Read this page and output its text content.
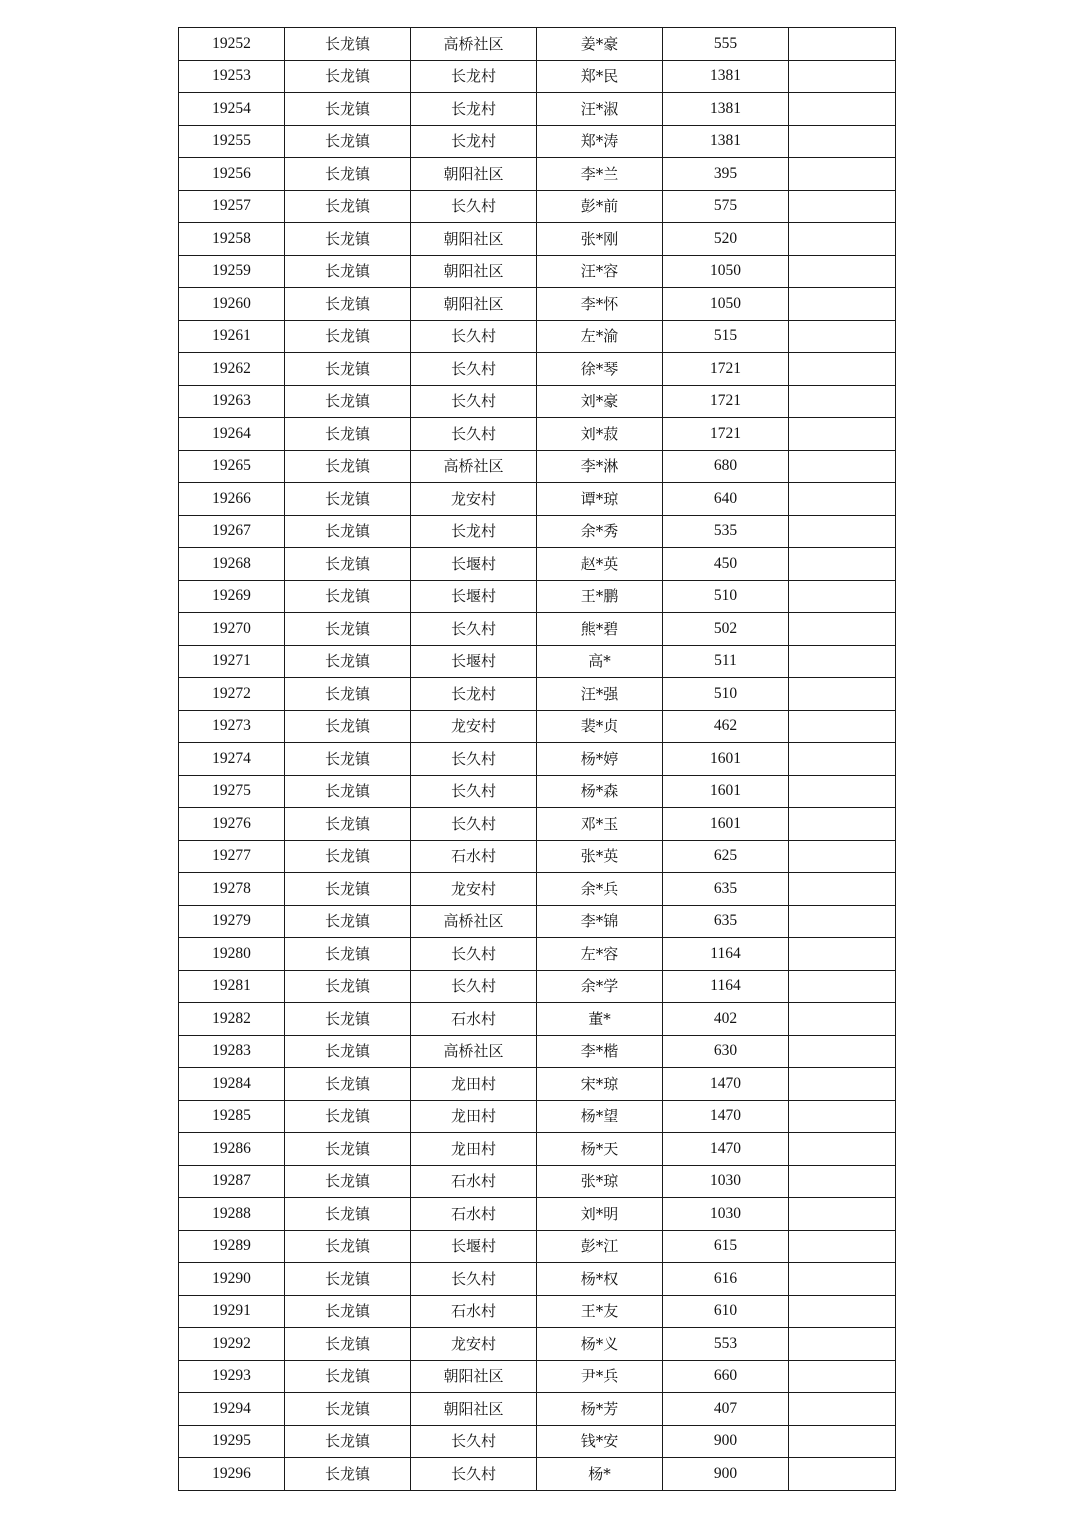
19252	长龙镇	高桥社区	姜*豪	555	
19253	长龙镇	长龙村	郑*民	1381	
19254	长龙镇	长龙村	汪*淑	1381	
19255	长龙镇	长龙村	郑*涛	1381	
19256	长龙镇	朝阳社区	李*兰	395	
19257	长龙镇	长久村	彭*前	575	
19258	长龙镇	朝阳社区	张*刚	520	
19259	长龙镇	朝阳社区	汪*容	1050	
19260	长龙镇	朝阳社区	李*怀	1050	
19261	长龙镇	长久村	左*渝	515	
19262	长龙镇	长久村	徐*琴	1721	
19263	长龙镇	长久村	刘*豪	1721	
19264	长龙镇	长久村	刘*菽	1721	
19265	长龙镇	高桥社区	李*淋	680	
19266	长龙镇	龙安村	谭*琼	640	
19267	长龙镇	长龙村	余*秀	535	
19268	长龙镇	长堰村	赵*英	450	
19269	长龙镇	长堰村	王*鹏	510	
19270	长龙镇	长久村	熊*碧	502	
19271	长龙镇	长堰村	高*	511	
19272	长龙镇	长龙村	汪*强	510	
19273	长龙镇	龙安村	裴*贞	462	
19274	长龙镇	长久村	杨*婷	1601	
19275	长龙镇	长久村	杨*森	1601	
19276	长龙镇	长久村	邓*玉	1601	
19277	长龙镇	石水村	张*英	625	
19278	长龙镇	龙安村	余*兵	635	
19279	长龙镇	高桥社区	李*锦	635	
19280	长龙镇	长久村	左*容	1164	
19281	长龙镇	长久村	余*学	1164	
19282	长龙镇	石水村	董*	402	
19283	长龙镇	高桥社区	李*楷	630	
19284	长龙镇	龙田村	宋*琼	1470	
19285	长龙镇	龙田村	杨*望	1470	
19286	长龙镇	龙田村	杨*天	1470	
19287	长龙镇	石水村	张*琼	1030	
19288	长龙镇	石水村	刘*明	1030	
19289	长龙镇	长堰村	彭*江	615	
19290	长龙镇	长久村	杨*权	616	
19291	长龙镇	石水村	王*友	610	
19292	长龙镇	龙安村	杨*义	553	
19293	长龙镇	朝阳社区	尹*兵	660	
19294	长龙镇	朝阳社区	杨*芳	407	
19295	长龙镇	长久村	钱*安	900	
19296	长龙镇	长久村	杨*	900	
